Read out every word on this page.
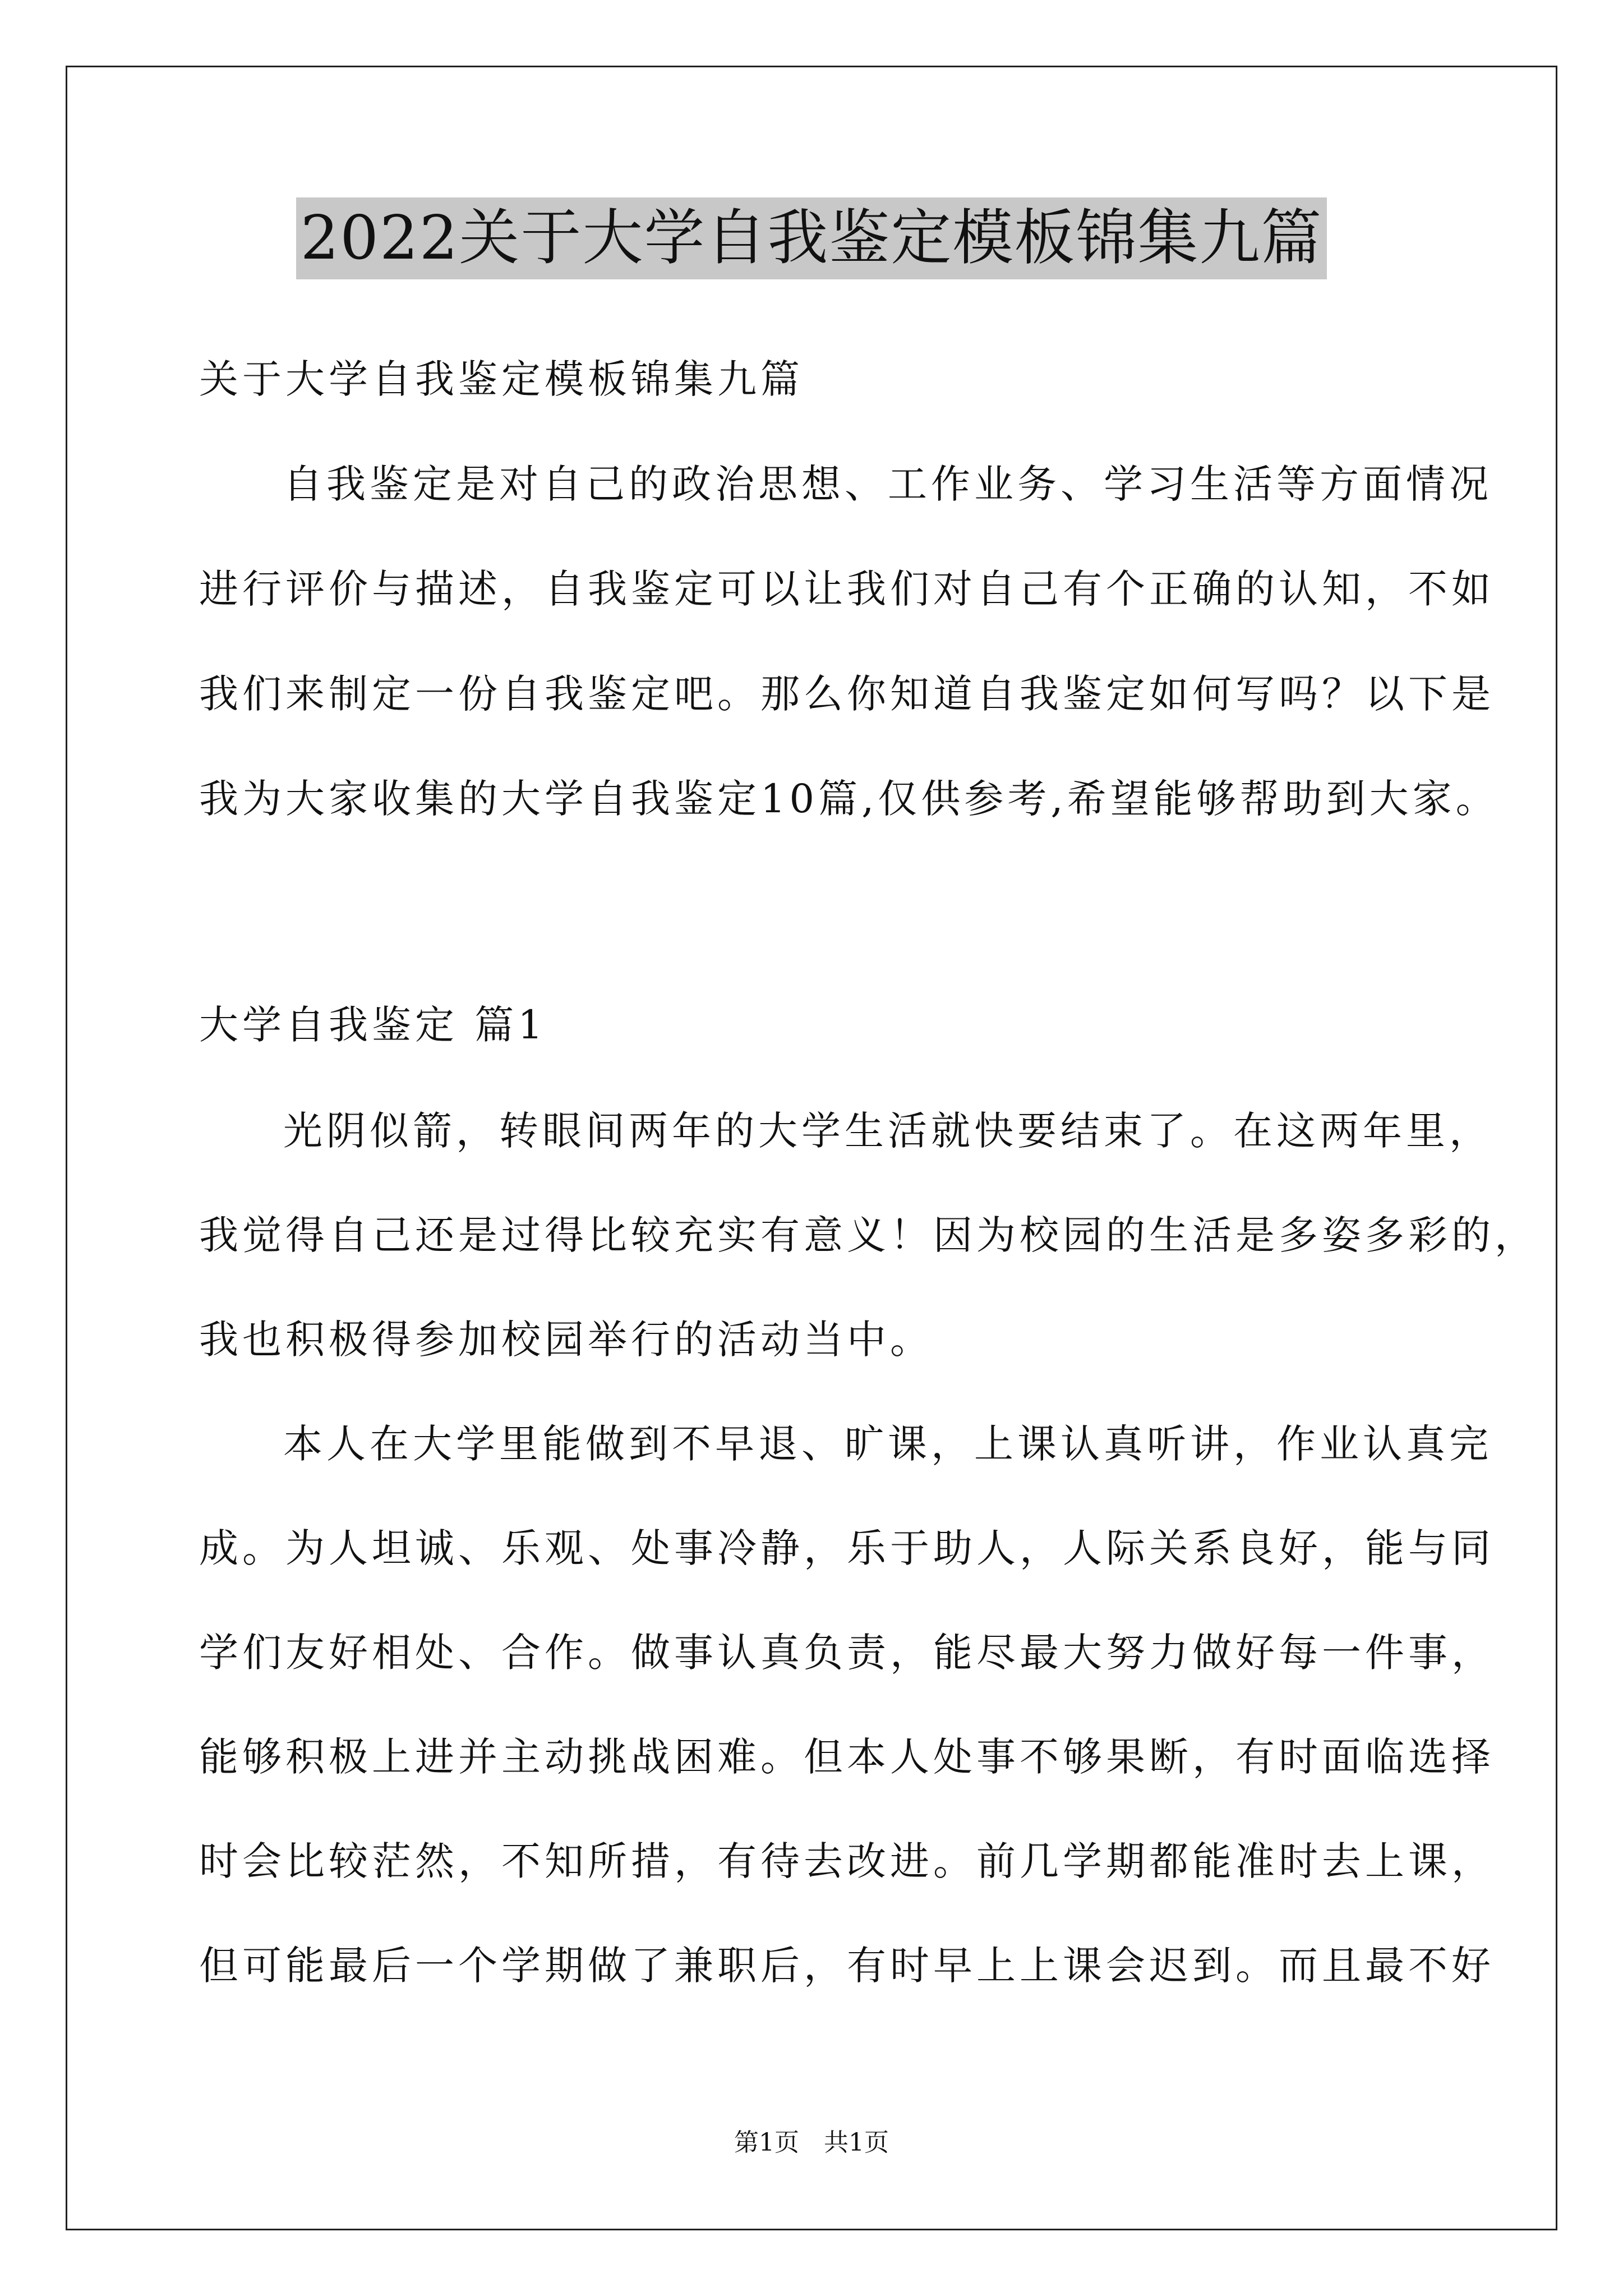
2022关于大学自我鉴定模板锦集九篇
关于大学自我鉴定模板锦集九篇
自我鉴定是对自己的政治思想、工作业务、学习生活等方面情况
进行评价与描述，自我鉴定可以让我们对自己有个正确的认知，不如
我们来制定一份自我鉴定吧。那么你知道自我鉴定如何写吗？以下是
我为大家收集的大学自我鉴定10篇,仅供参考,希望能够帮助到大家。
大学自我鉴定 篇1
光阴似箭，转眼间两年的大学生活就快要结束了。在这两年里，
我觉得自己还是过得比较充实有意义！因为校园的生活是多姿多彩的，
我也积极得参加校园举行的活动当中。
本人在大学里能做到不早退、旷课，上课认真听讲，作业认真完
成。为人坦诚、乐观、处事冷静，乐于助人，人际关系良好，能与同
学们友好相处、合作。做事认真负责，能尽最大努力做好每一件事，
能够积极上进并主动挑战困难。但本人处事不够果断，有时面临选择
时会比较茫然，不知所措，有待去改进。前几学期都能准时去上课，
但可能最后一个学期做了兼职后，有时早上上课会迟到。而且最不好
第1页　共1页
